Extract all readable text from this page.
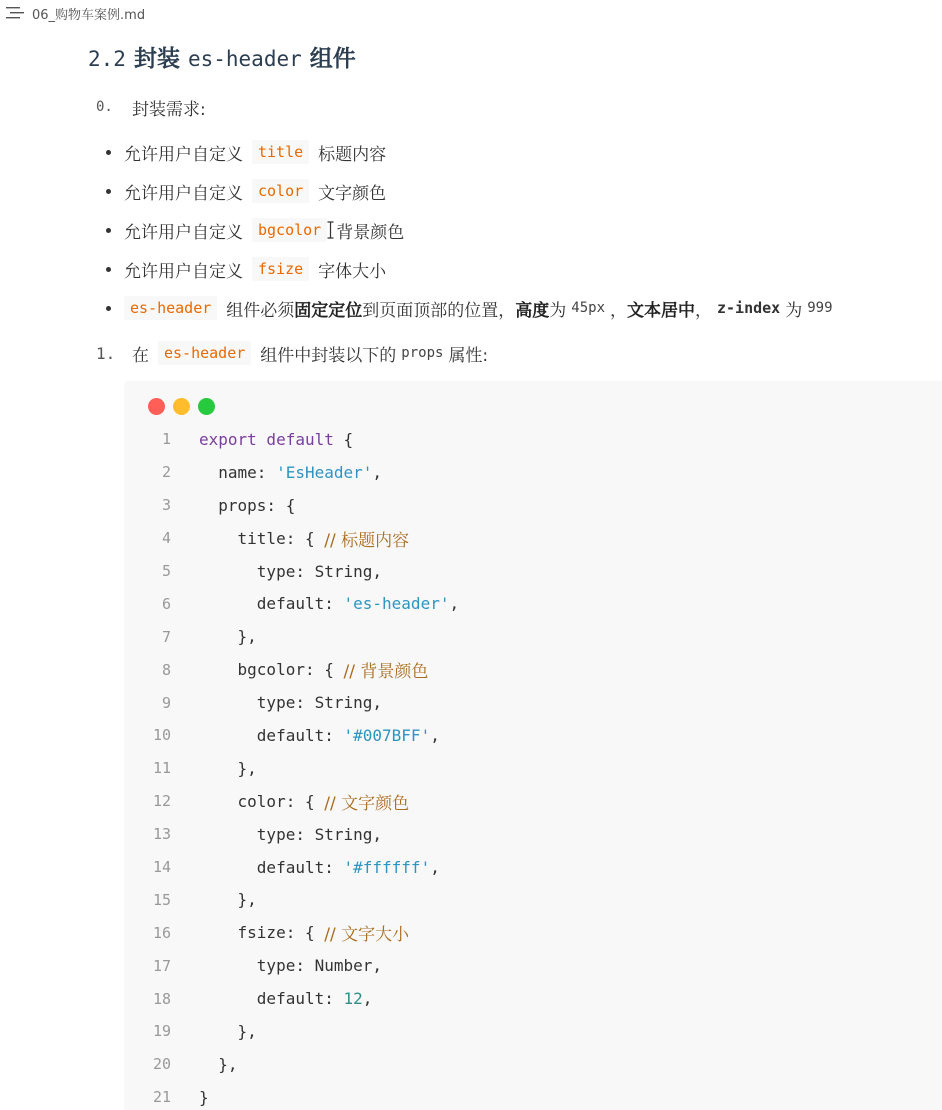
06_购物车案例.md
2.2 封装 es-header 组件
0.	封装需求:
允许用户自定义	title 标题内容
允许用户自定义	color 文字颜色
允许用户自定义	bgcolor 背景颜色
允许用户自定义	fsize 字体大小
es-header 组件必须 固定定位 到页面顶部的位置， 高度 为 45px ， 文本居中 ， z-index 为 999
1. 在	es-header 组件中封装以下的 props 属性:
1	export default {
2	name: 'EsHeader' ,
3	props: {
4	title: { // 标题内容
5	type: String,
6	default: 'es-header' ,
7	},
8	bgcolor: { // 背景颜色
9	type: String,
10	default: '#007BFF' ,
11	},
12	color: { // 文字颜色
13	type: String,
14	default: '#ffffff' ,
15	},
16	fsize: { // 文字大小
17	type: Number,
18	default: 12 ,
19	},
20	},
21	}
